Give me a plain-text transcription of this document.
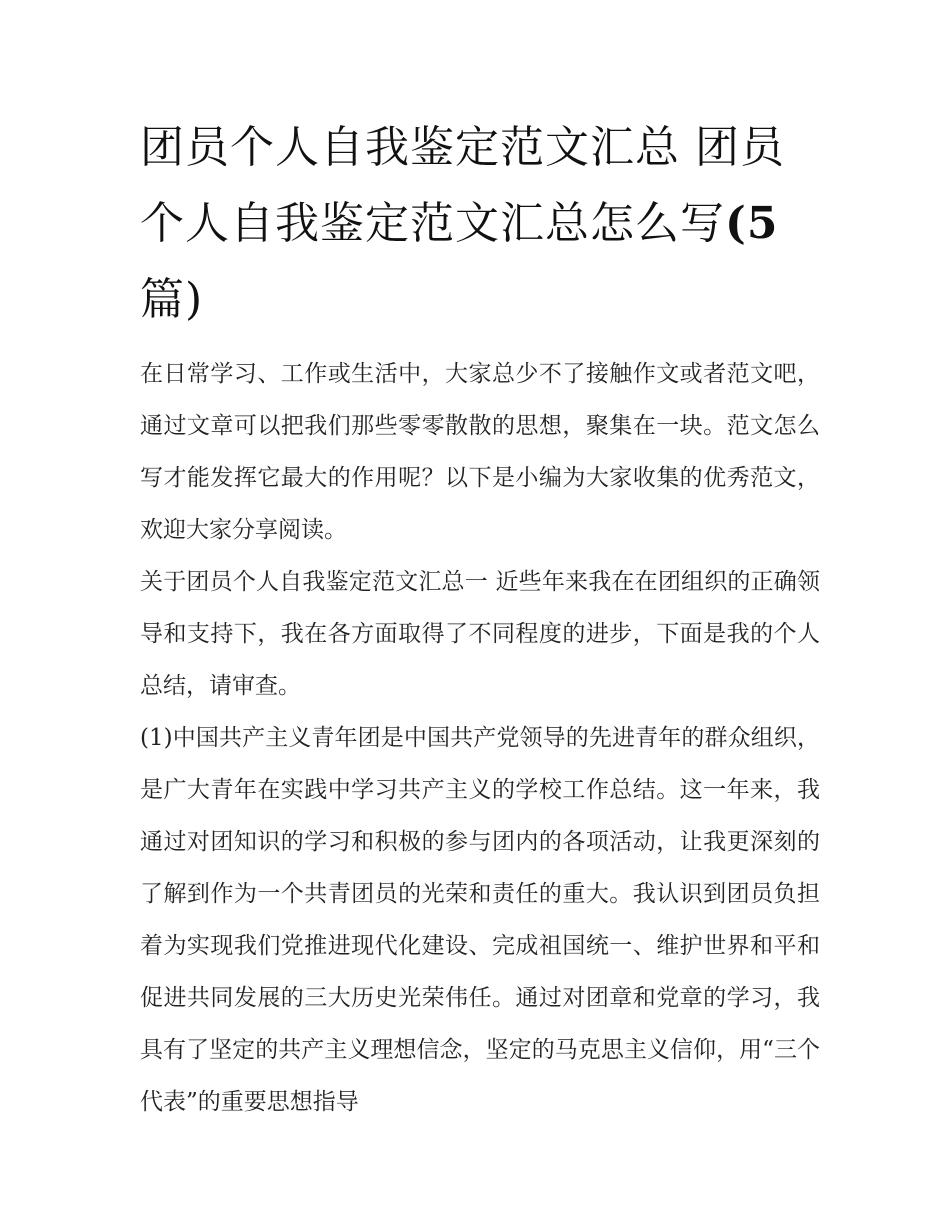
团员个人自我鉴定范文汇总 团员个人自我鉴定范文汇总怎么写(5 篇)

在日常学习、工作或生活中，大家总少不了接触作文或者范文吧，通过文章可以把我们那些零零散散的思想，聚集在一块。范文怎么写才能发挥它最大的作用呢？以下是小编为大家收集的优秀范文，欢迎大家分享阅读。

关于团员个人自我鉴定范文汇总一 近些年来我在在团组织的正确领导和支持下，我在各方面取得了不同程度的进步，下面是我的个人总结，请审查。

(1)中国共产主义青年团是中国共产党领导的先进青年的群众组织，是广大青年在实践中学习共产主义的学校工作总结。这一年来，我通过对团知识的学习和积极的参与团内的各项活动，让我更深刻的了解到作为一个共青团员的光荣和责任的重大。我认识到团员负担着为实现我们党推进现代化建设、完成祖国统一、维护世界和平和促进共同发展的三大历史光荣伟任。通过对团章和党章的学习，我具有了坚定的共产主义理想信念，坚定的马克思主义信仰，用“三个代表”的重要思想指导
